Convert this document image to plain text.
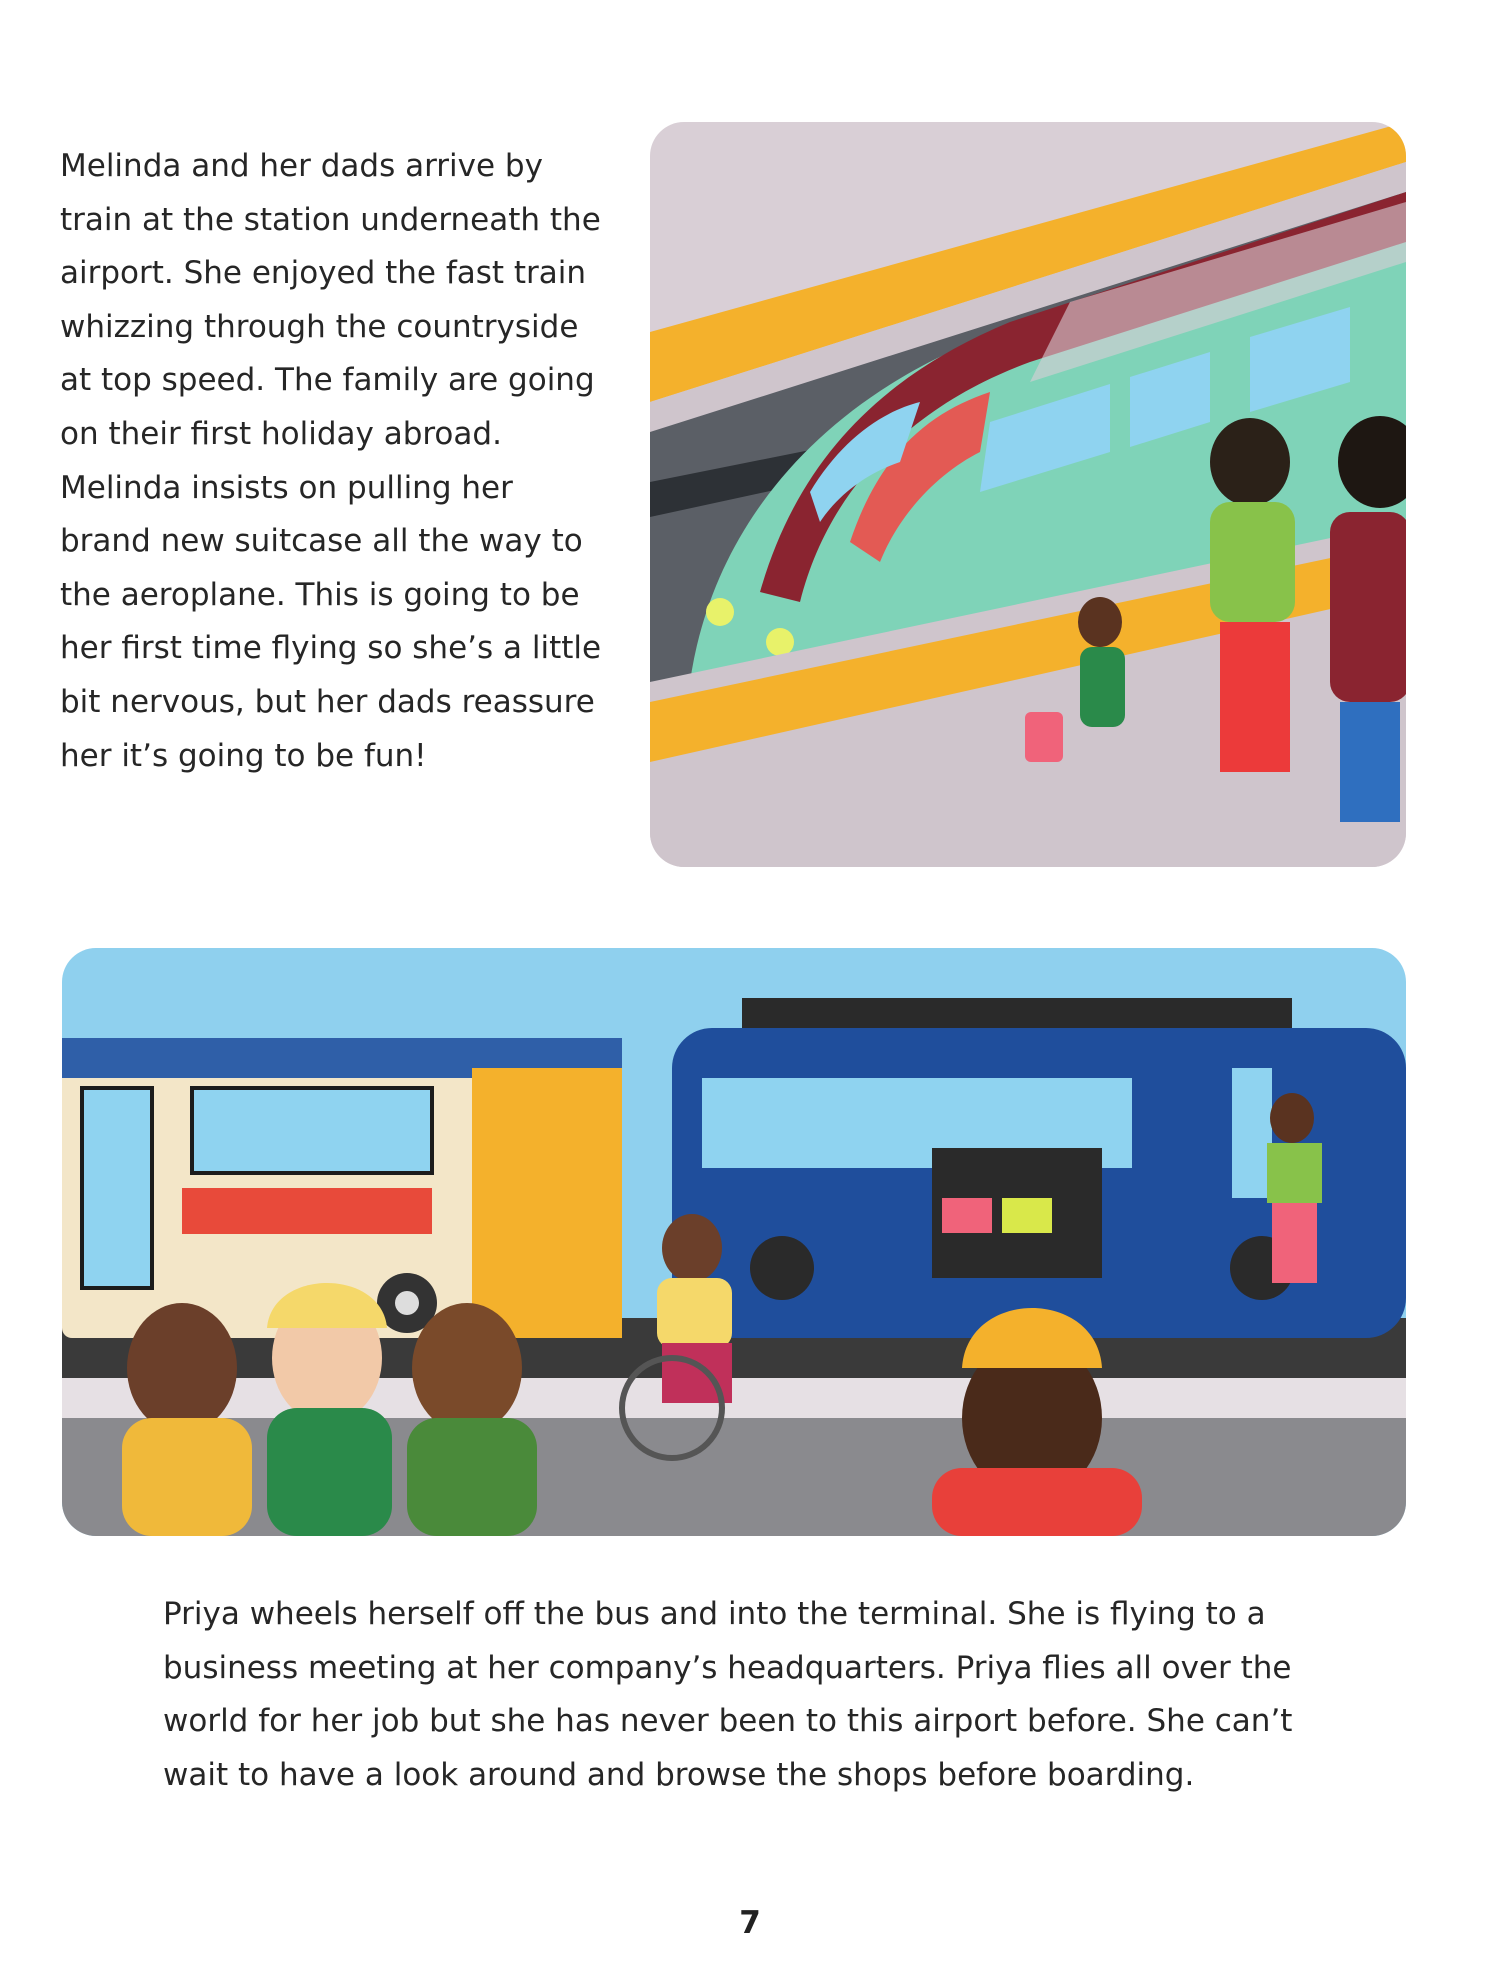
Melinda and her dads arrive by
train at the station underneath the
airport. She enjoyed the fast train
whizzing through the countryside
at top speed. The family are going
on their first holiday abroad.
Melinda insists on pulling her
brand new suitcase all the way to
the aeroplane. This is going to be
her first time flying so she’s a little
bit nervous, but her dads reassure
her it’s going to be fun!

Priya wheels herself off the bus and into the terminal. She is flying to a
business meeting at her company’s headquarters. Priya flies all over the
world for her job but she has never been to this airport before. She can’t
wait to have a look around and browse the shops before boarding.

7
